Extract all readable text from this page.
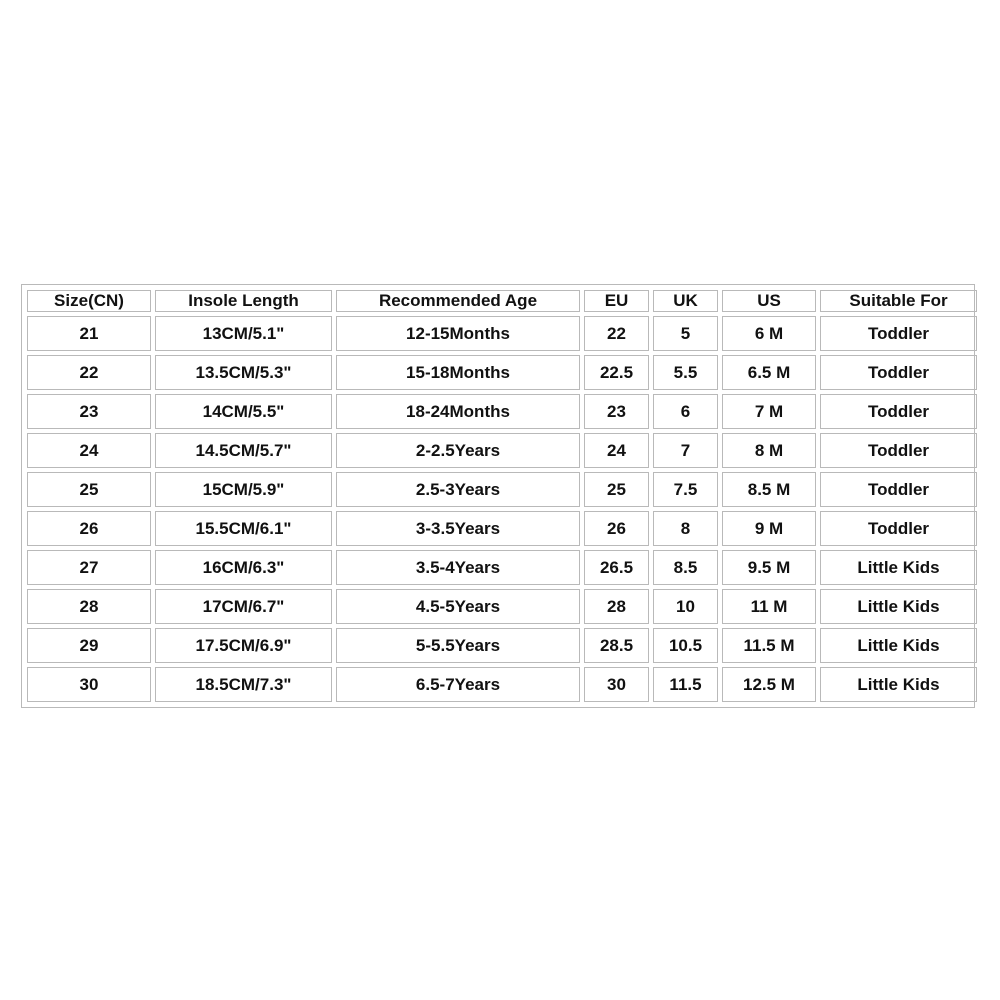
Size(CN)	Insole Length	Recommended Age	EU	UK	US	Suitable For
21	13CM/5.1"	12-15Months	22	5	6 M	Toddler
22	13.5CM/5.3"	15-18Months	22.5	5.5	6.5 M	Toddler
23	14CM/5.5"	18-24Months	23	6	7 M	Toddler
24	14.5CM/5.7"	2-2.5Years	24	7	8 M	Toddler
25	15CM/5.9"	2.5-3Years	25	7.5	8.5 M	Toddler
26	15.5CM/6.1"	3-3.5Years	26	8	9 M	Toddler
27	16CM/6.3"	3.5-4Years	26.5	8.5	9.5 M	Little Kids
28	17CM/6.7"	4.5-5Years	28	10	11 M	Little Kids
29	17.5CM/6.9"	5-5.5Years	28.5	10.5	11.5 M	Little Kids
30	18.5CM/7.3"	6.5-7Years	30	11.5	12.5 M	Little Kids
